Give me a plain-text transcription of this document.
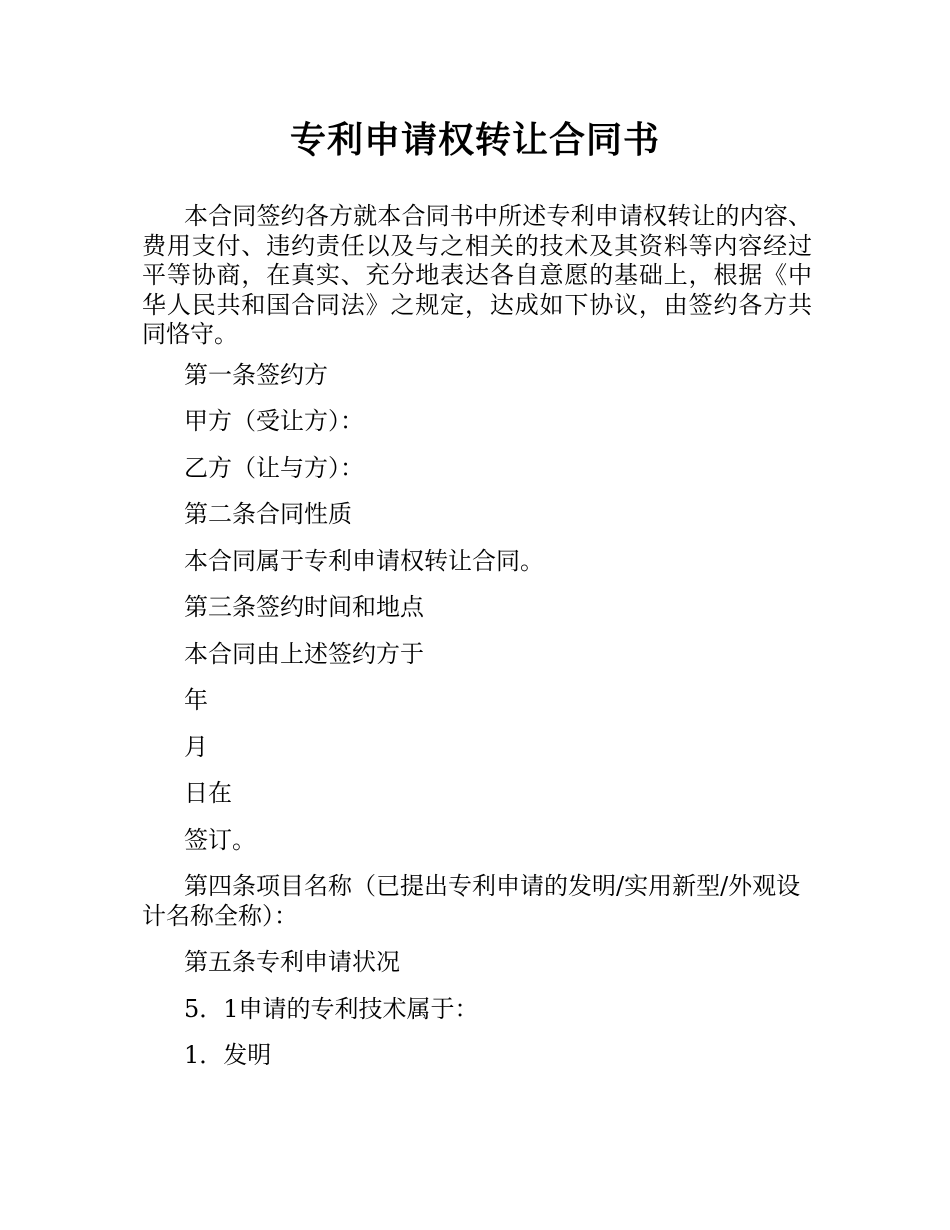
专利申请权转让合同书

本合同签约各方就本合同书中所述专利申请权转让的内容、费用支付、违约责任以及与之相关的技术及其资料等内容经过平等协商，在真实、充分地表达各自意愿的基础上，根据《中华人民共和国合同法》之规定，达成如下协议，由签约各方共同恪守。

第一条签约方

甲方（受让方）：

乙方（让与方）：

第二条合同性质

本合同属于专利申请权转让合同。

第三条签约时间和地点

本合同由上述签约方于

年

月

日在

签订。

第四条项目名称（已提出专利申请的发明/实用新型/外观设计名称全称）：

第五条专利申请状况

5．1申请的专利技术属于：

1．发明
